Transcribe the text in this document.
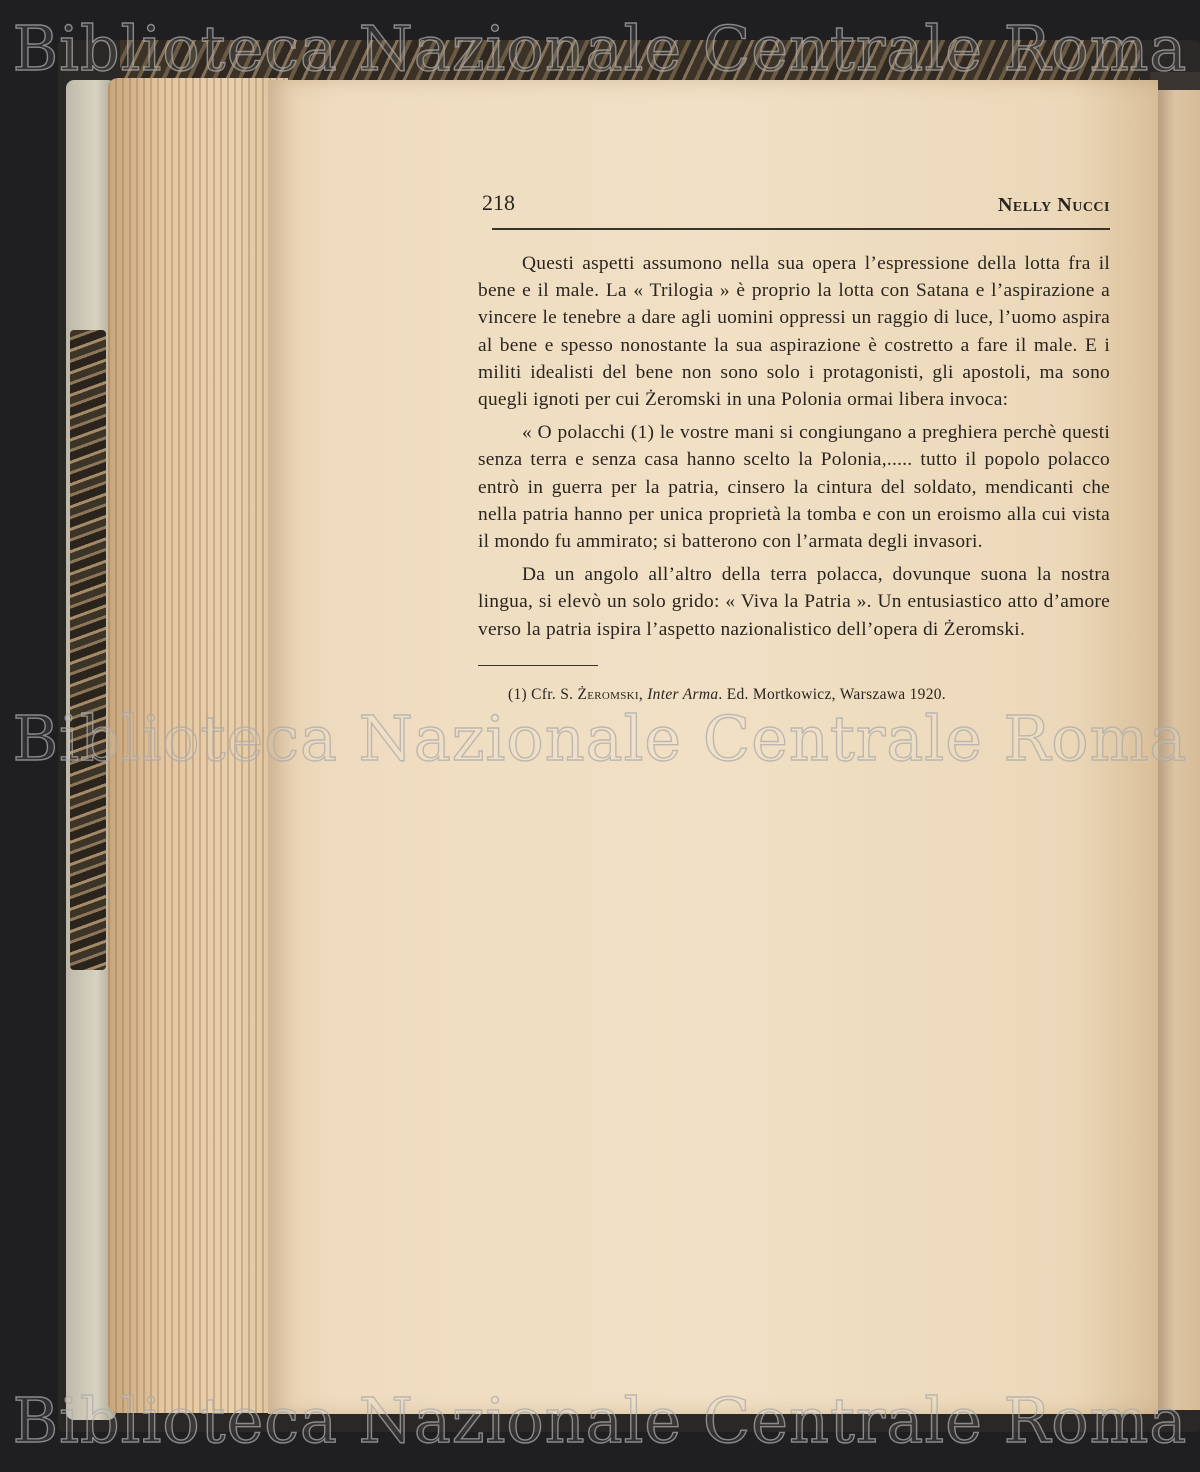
218	Nelly Nucci

Questi aspetti assumono nella sua opera l’espressione della lotta fra il bene e il male. La « Trilogia » è proprio la lotta con Satana e l’aspirazione a vincere le tenebre a dare agli uomini oppressi un raggio di luce, l’uomo aspira al bene e spesso nonostante la sua aspirazione è costretto a fare il male. E i militi idealisti del bene non sono solo i protagonisti, gli apostoli, ma sono quegli ignoti per cui Żeromski in una Polonia ormai libera invoca:

« O polacchi (1) le vostre mani si congiungano a preghiera perchè questi senza terra e senza casa hanno scelto la Polonia,..... tutto il popolo polacco entrò in guerra per la patria, cinsero la cintura del soldato, mendicanti che nella patria hanno per unica proprietà la tomba e con un eroismo alla cui vista il mondo fu ammirato; si batterono con l’armata degli invasori.

Da un angolo all’altro della terra polacca, dovunque suona la nostra lingua, si elevò un solo grido: « Viva la Patria ». Un entusiastico atto d’amore verso la patria ispira l’aspetto nazionalistico dell’opera di Żeromski.

(1) Cfr. S. Żeromski, Inter Arma. Ed. Mortkowicz, Warszawa 1920.
